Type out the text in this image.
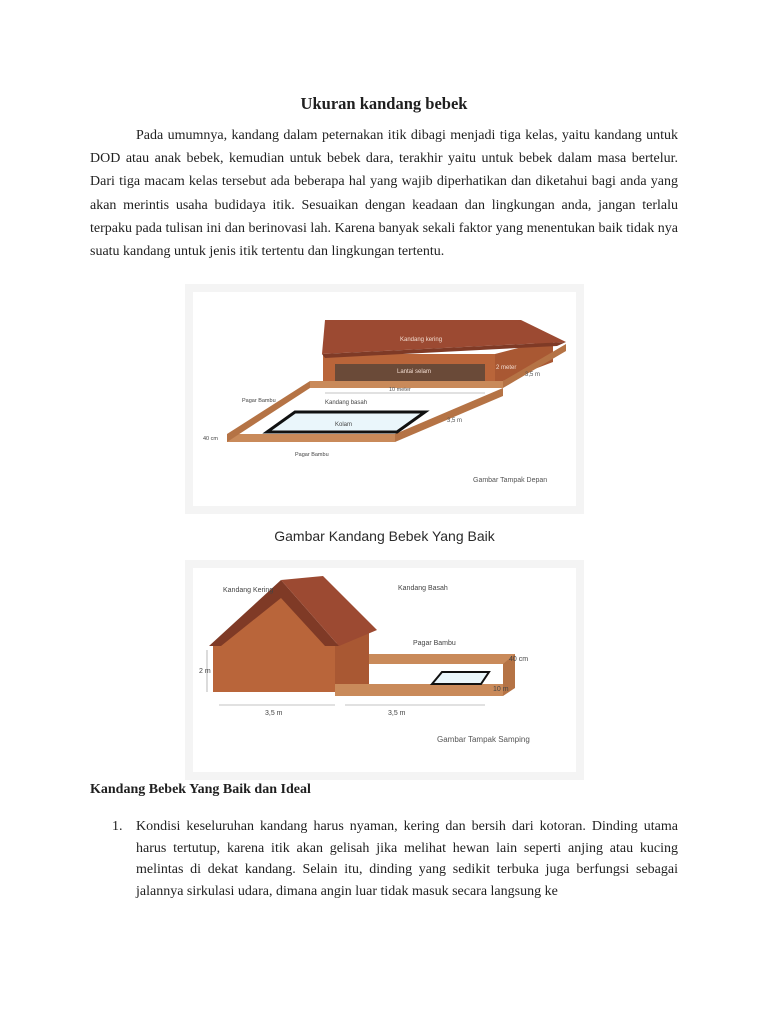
Ukuran kandang bebek

Pada umumnya, kandang dalam peternakan itik dibagi menjadi tiga kelas, yaitu kandang untuk DOD atau anak bebek, kemudian untuk bebek dara, terakhir yaitu untuk bebek dalam masa bertelur. Dari tiga macam kelas tersebut ada beberapa hal yang wajib diperhatikan dan diketahui bagi anda yang akan merintis usaha budidaya itik. Sesuaikan dengan keadaan dan lingkungan anda, jangan terlalu terpaku pada tulisan ini dan berinovasi lah. Karena banyak sekali faktor yang menentukan baik tidak nya suatu kandang untuk jenis itik tertentu dan lingkungan tertentu.

Kandang kering
Lantai selam
2 meter
3,5 m
10 meter
Pagar Bambu	Kandang basah
Kolam
3,5 m
40 cm
Pagar Bambu
Gambar Tampak Depan
Gambar Kandang Bebek Yang Baik
Kandang Kering	Kandang Basah
Pagar Bambu
40 cm
2 m
10 m
3,5 m	3,5 m
Gambar Tampak Samping
Kandang Bebek Yang Baik dan Ideal
1. Kondisi keseluruhan kandang harus nyaman, kering dan bersih dari kotoran. Dinding utama harus tertutup, karena itik akan gelisah jika melihat hewan lain seperti anjing atau kucing melintas di dekat kandang. Selain itu, dinding yang sedikit terbuka juga berfungsi sebagai jalannya sirkulasi udara, dimana angin luar tidak masuk secara langsung ke
